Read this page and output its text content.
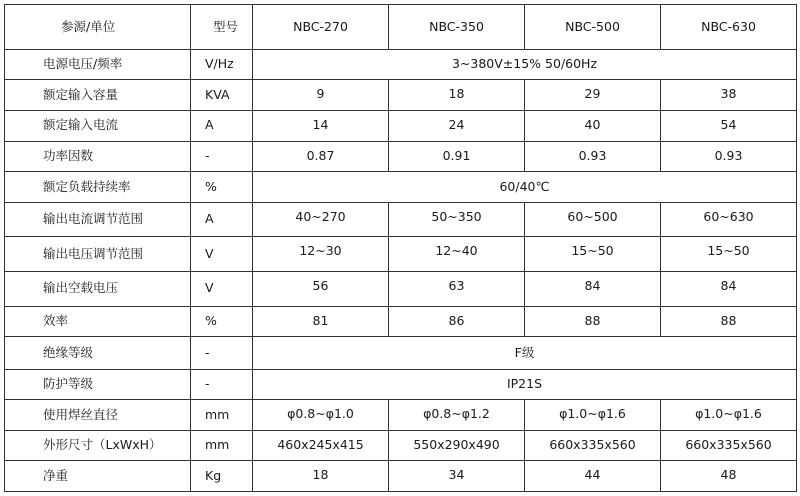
参源/单位	型号	NBC-270	NBC-350	NBC-500	NBC-630
电源电压/频率	V/Hz	3~380V±15% 50/60Hz			
额定输入容量	KVA	9	18	29	38
额定输入电流	A	14	24	40	54
功率因数	-	0.87	0.91	0.93	0.93
额定负载持续率	%	60/40℃			
输出电流调节范围	A	40~270	50~350	60~500	60~630
输出电压调节范围	V	12~30	12~40	15~50	15~50
输出空载电压	V	56	63	84	84
效率	%	81	86	88	88
绝缘等级	-	F级			
防护等级	-	IP21S			
使用焊丝直径	mm	φ0.8~φ1.0	φ0.8~φ1.2	φ1.0~φ1.6	φ1.0~φ1.6
外形尺寸（LxWxH）	mm	460x245x415	550x290x490	660x335x560	660x335x560
净重	Kg	18	34	44	48
